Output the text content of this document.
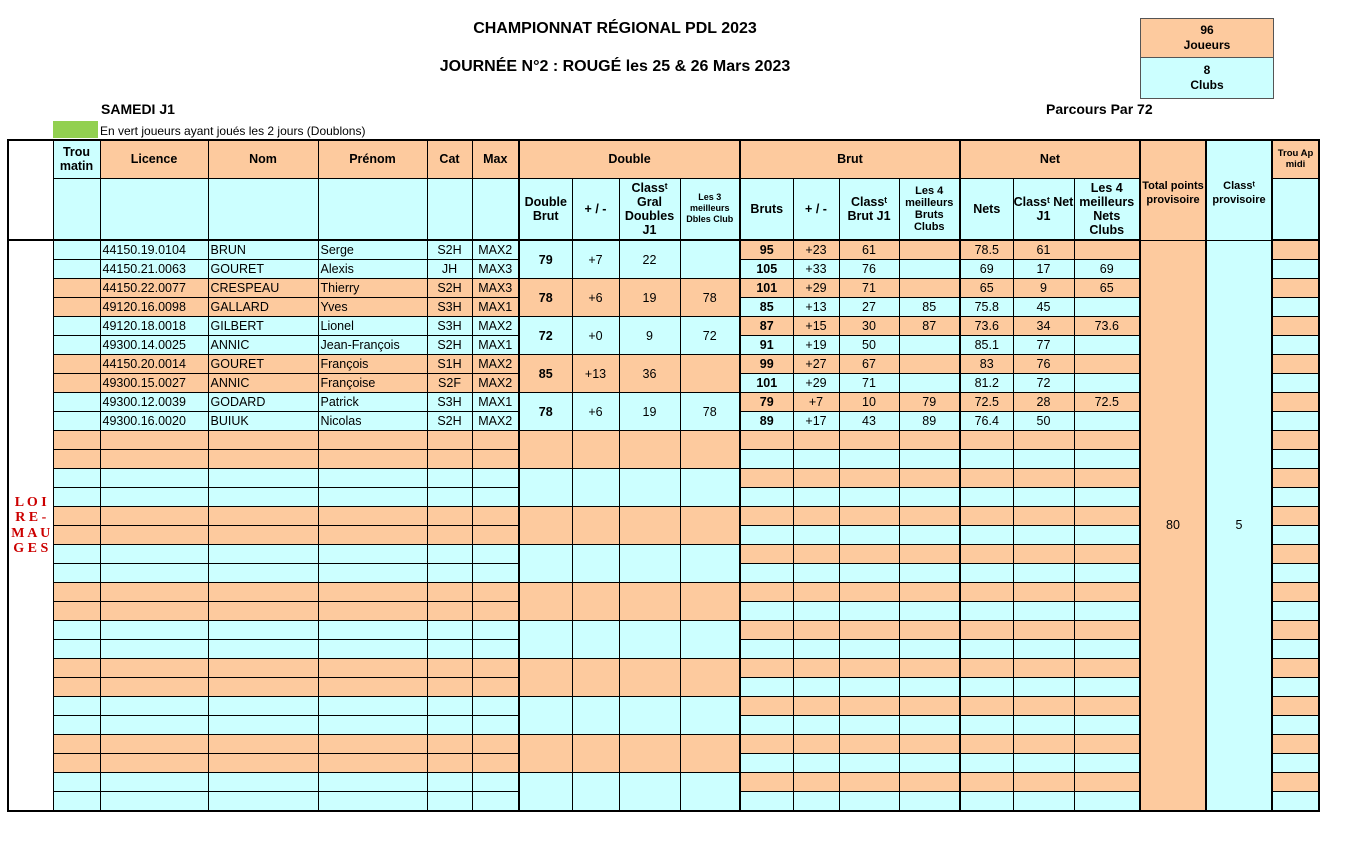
CHAMPIONNAT RÉGIONAL PDL 2023
JOURNÉE N°2 : ROUGÉ les 25 & 26 Mars 2023
96
Joueurs
8
Clubs
SAMEDI J1	Parcours Par 72
En vert joueurs ayant joués les 2 jours (Doublons)
	Trou matin	Licence	Nom	Prénom	Cat	Max	Double				Brut				Net			Total points provisoire	Classᵗ provisoire	Trou Ap midi
							Double Brut	+ / -	Classᵗ Gral Doubles J1	Les 3 meilleurs Dbles Club	Bruts	+ / -	Classᵗ Brut J1	Les 4 meilleurs Bruts Clubs	Nets	Classᵗ Net J1	Les 4 meilleurs Nets Clubs			
L O I R E - M A U G E S		44150.19.0104	BRUN	Serge	S2H	MAX2	79	+7	22		95	+23	61		78.5	61		80	5	
		44150.21.0063	GOURET	Alexis	JH	MAX3					105	+33	76		69	17	69			
		44150.22.0077	CRESPEAU	Thierry	S2H	MAX3	78	+6	19	78	101	+29	71		65	9	65			
		49120.16.0098	GALLARD	Yves	S3H	MAX1					85	+13	27	85	75.8	45				
		49120.18.0018	GILBERT	Lionel	S3H	MAX2	72	+0	9	72	87	+15	30	87	73.6	34	73.6			
		49300.14.0025	ANNIC	Jean-François	S2H	MAX1					91	+19	50		85.1	77				
		44150.20.0014	GOURET	François	S1H	MAX2	85	+13	36		99	+27	67		83	76				
		49300.15.0027	ANNIC	Françoise	S2F	MAX2					101	+29	71		81.2	72				
		49300.12.0039	GODARD	Patrick	S3H	MAX1	78	+6	19	78	79	+7	10	79	72.5	28	72.5			
		49300.16.0020	BUIUK	Nicolas	S2H	MAX2					89	+17	43	89	76.4	50				
